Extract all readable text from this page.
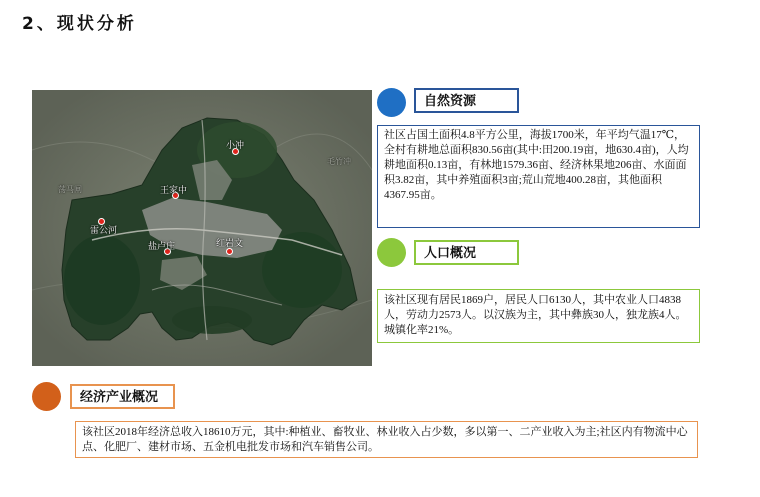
2、现状分析
毛竹冲
荡马闸
小冲
王家中
雷公河
盐卢庄	红岩文
自然资源
社区占国土面积4.8平方公里，海拔1700米，年平均气温17℃，全村有耕地总面积830.56亩(其中:田200.19亩，地630.4亩)，人均耕地面积0.13亩，有林地1579.36亩、经济林果地206亩、水面面积3.82亩，其中养殖面积3亩;荒山荒地400.28亩，其他面积4367.95亩。
人口概况
该社区现有居民1869户，居民人口6130人，其中农业人口4838人，劳动力2573人。以汉族为主，其中彝族30人，独龙族4人。城镇化率21%。
经济产业概况
该社区2018年经济总收入18610万元，其中:种植业、畜牧业、林业收入占少数，多以第一、二产业收入为主;社区内有物流中心点、化肥厂、建材市场、五金机电批发市场和汽车销售公司。
